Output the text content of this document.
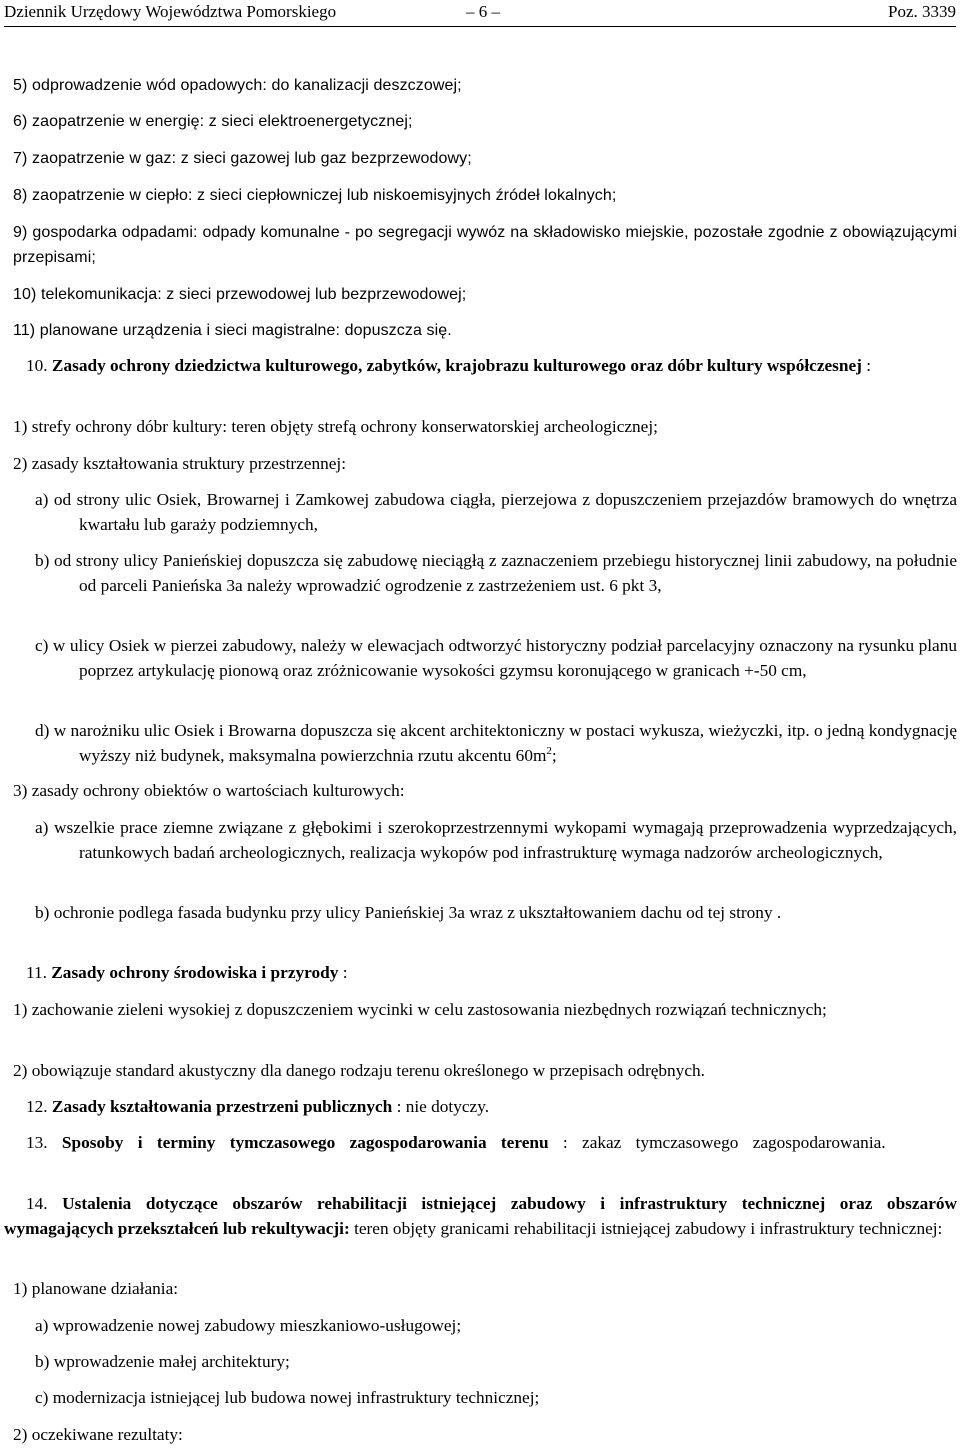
Dziennik Urzędowy Województwa Pomorskiego	– 6 –	Poz. 3339

5) odprowadzenie wód opadowych: do kanalizacji deszczowej;

6) zaopatrzenie w energię: z sieci elektroenergetycznej;

7) zaopatrzenie w gaz: z sieci gazowej lub gaz bezprzewodowy;

8) zaopatrzenie w ciepło: z sieci ciepłowniczej lub niskoemisyjnych źródeł lokalnych;

9) gospodarka odpadami: odpady komunalne - po segregacji wywóz na składowisko miejskie, pozostałe zgodnie z obowiązującymi przepisami;

10) telekomunikacja: z sieci przewodowej lub bezprzewodowej;

11) planowane urządzenia i sieci magistralne: dopuszcza się.

10. Zasady ochrony dziedzictwa kulturowego, zabytków, krajobrazu kulturowego oraz dóbr kultury współczesnej :

1) strefy ochrony dóbr kultury: teren objęty strefą ochrony konserwatorskiej archeologicznej;

2) zasady kształtowania struktury przestrzennej:

a) od strony ulic Osiek, Browarnej i Zamkowej zabudowa ciągła, pierzejowa z dopuszczeniem przejazdów bramowych do wnętrza kwartału lub garaży podziemnych,

b) od strony ulicy Panieńskiej dopuszcza się zabudowę nieciągłą z zaznaczeniem przebiegu historycznej linii zabudowy, na południe od parceli Panieńska 3a należy wprowadzić ogrodzenie z zastrzeżeniem ust. 6 pkt 3,

c) w ulicy Osiek w pierzei zabudowy, należy w elewacjach odtworzyć historyczny podział parcelacyjny oznaczony na rysunku planu poprzez artykulację pionową oraz zróżnicowanie wysokości gzymsu koronującego w granicach +-50 cm,

d) w narożniku ulic Osiek i Browarna dopuszcza się akcent architektoniczny w postaci wykusza, wieżyczki, itp. o jedną kondygnację wyższy niż budynek, maksymalna powierzchnia rzutu akcentu $60m^2$;

3) zasady ochrony obiektów o wartościach kulturowych:

a) wszelkie prace ziemne związane z głębokimi i szerokoprzestrzennymi wykopami wymagają przeprowadzenia wyprzedzających, ratunkowych badań archeologicznych, realizacja wykopów pod infrastrukturę wymaga nadzorów archeologicznych,

b) ochronie podlega fasada budynku przy ulicy Panieńskiej 3a wraz z ukształtowaniem dachu od tej strony .

11. Zasady ochrony środowiska i przyrody :

1) zachowanie zieleni wysokiej z dopuszczeniem wycinki w celu zastosowania niezbędnych rozwiązań technicznych;

2) obowiązuje standard akustyczny dla danego rodzaju terenu określonego w przepisach odrębnych.

12. Zasady kształtowania przestrzeni publicznych : nie dotyczy.

13. Sposoby i terminy tymczasowego zagospodarowania terenu : zakaz tymczasowego zagospodarowania.

14. Ustalenia dotyczące obszarów rehabilitacji istniejącej zabudowy i infrastruktury technicznej oraz obszarów wymagających przekształceń lub rekultywacji: teren objęty granicami rehabilitacji istniejącej zabudowy i infrastruktury technicznej:

1) planowane działania:

a) wprowadzenie nowej zabudowy mieszkaniowo-usługowej;

b) wprowadzenie małej architektury;

c) modernizacja istniejącej lub budowa nowej infrastruktury technicznej;

2) oczekiwane rezultaty:
